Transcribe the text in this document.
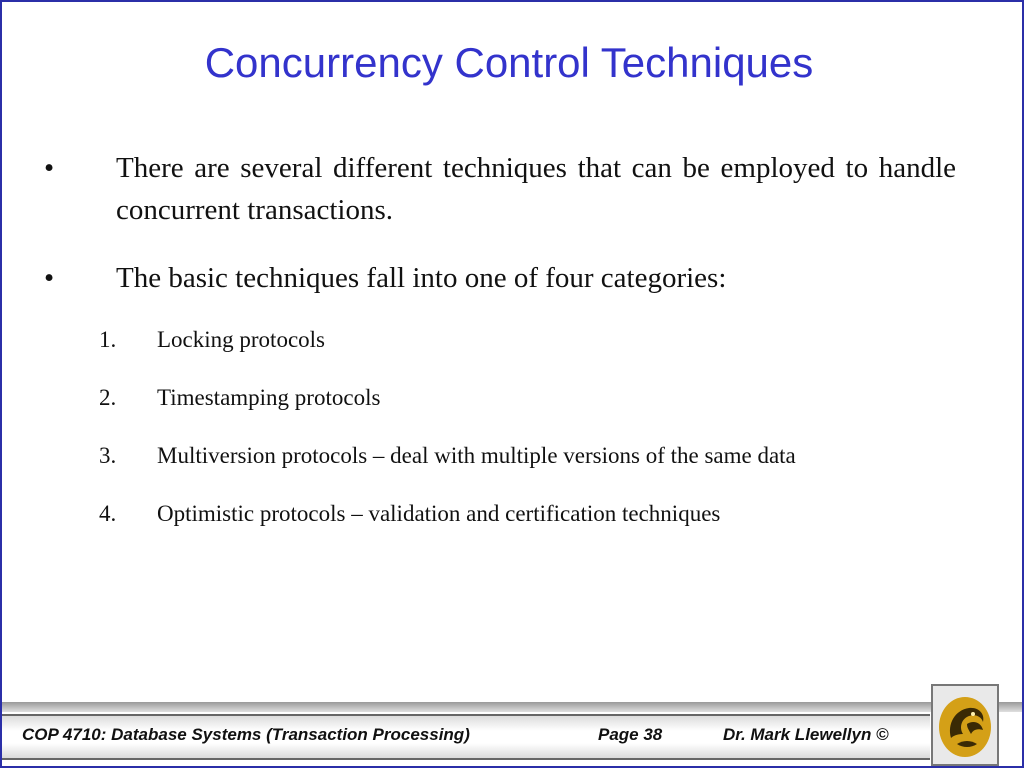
Concurrency Control Techniques
• There are several different techniques that can be employed to handle concurrent transactions.
• The basic techniques fall into one of four categories:
1. Locking protocols
2. Timestamping protocols
3. Multiversion protocols – deal with multiple versions of the same data
4. Optimistic protocols – validation and certification techniques
COP 4710: Database Systems (Transaction Processing)	Page 38	Dr. Mark Llewellyn ©
